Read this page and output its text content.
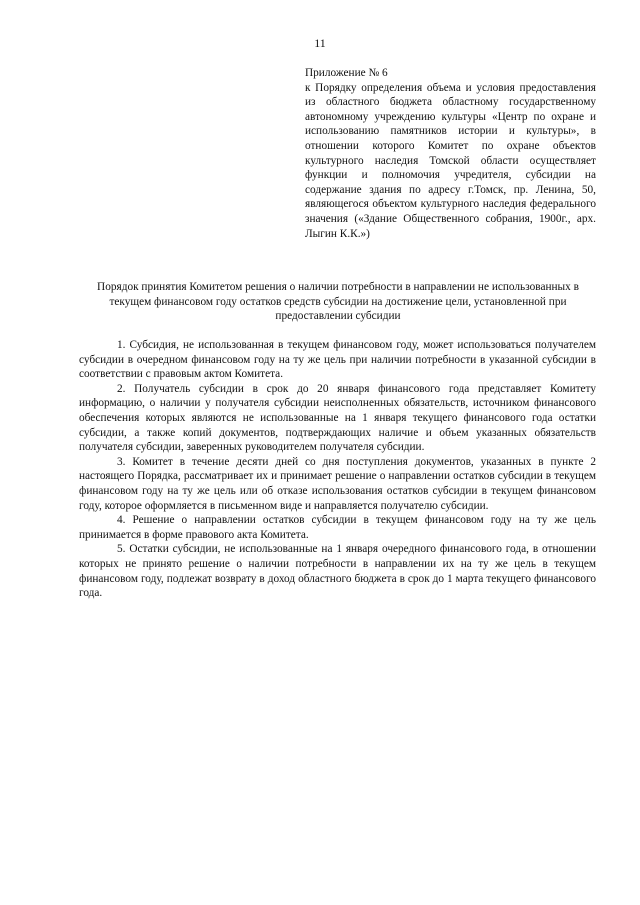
11

Приложение № 6

к Порядку определения объема и условия предоставления из областного бюджета областному государственному автономному учреждению культуры «Центр по охране и использованию памятников истории и культуры», в отношении которого Комитет по охране объектов культурного наследия Томской области осуществляет функции и полномочия учредителя, субсидии на содержание здания по адресу г.Томск, пр. Ленина, 50, являющегося объектом культурного наследия федерального значения («Здание Общественного собрания, 1900г., арх. Лыгин К.К.»)

Порядок принятия Комитетом решения о наличии потребности в направлении не использованных в текущем финансовом году остатков средств субсидии на достижение цели, установленной при предоставлении субсидии

1. Субсидия, не использованная в текущем финансовом году, может использоваться получателем субсидии в очередном финансовом году на ту же цель при наличии потребности в указанной субсидии в соответствии с правовым актом Комитета.

2. Получатель субсидии в срок до 20 января финансового года представляет Комитету информацию, о наличии у получателя субсидии неисполненных обязательств, источником финансового обеспечения которых являются не использованные на 1 января текущего финансового года остатки субсидии, а также копий документов, подтверждающих наличие и объем указанных обязательств получателя субсидии, заверенных руководителем получателя субсидии.

3. Комитет в течение десяти дней со дня поступления документов, указанных в пункте 2 настоящего Порядка, рассматривает их и принимает решение о направлении остатков субсидии в текущем финансовом году на ту же цель или об отказе использования остатков субсидии в текущем финансовом году, которое оформляется в письменном виде и направляется получателю субсидии.

4. Решение о направлении остатков субсидии в текущем финансовом году на ту же цель принимается в форме правового акта Комитета.

5. Остатки субсидии, не использованные на 1 января очередного финансового года, в отношении которых не принято решение о наличии потребности в направлении их на ту же цель в текущем финансовом году, подлежат возврату в доход областного бюджета в срок до 1 марта текущего финансового года.
